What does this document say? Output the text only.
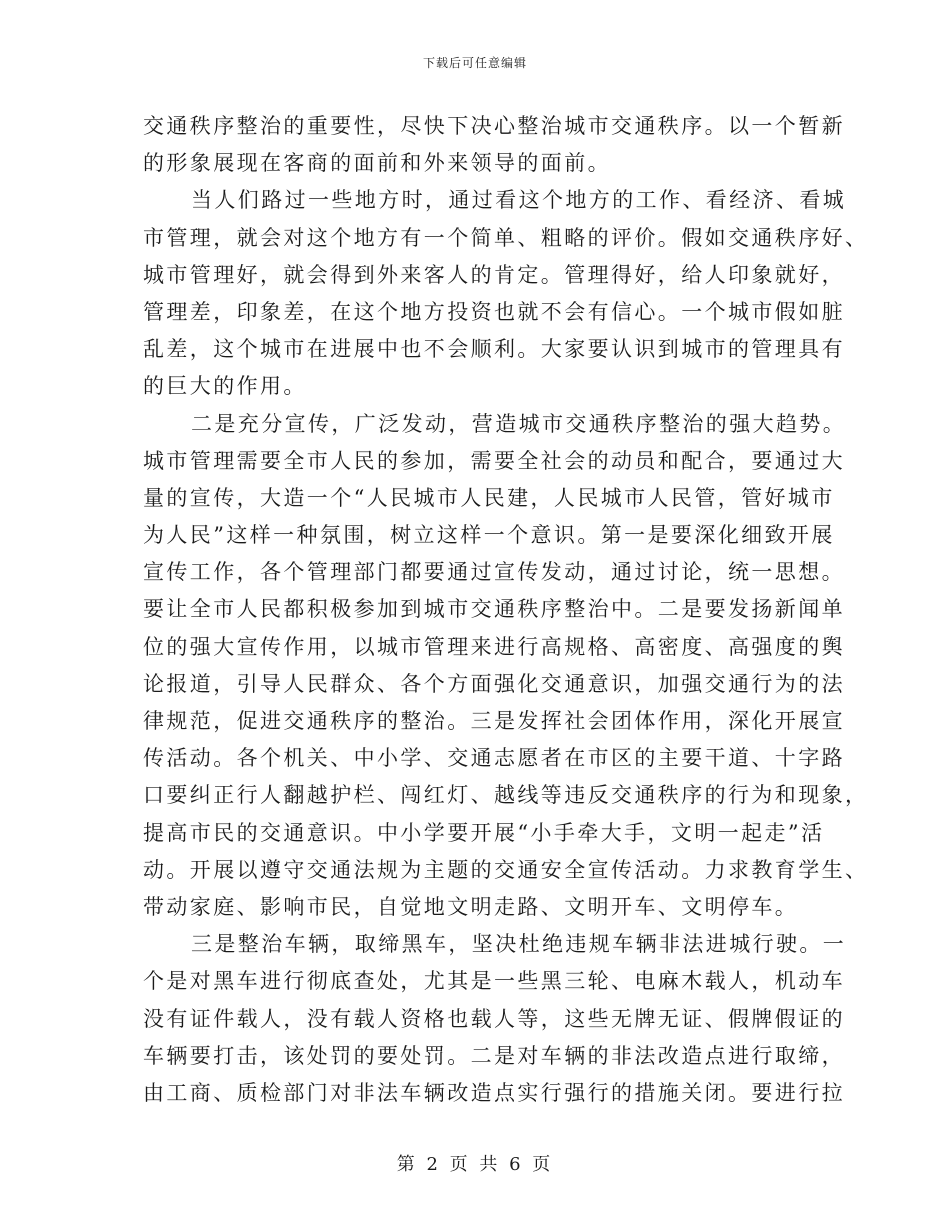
下载后可任意编辑
交通秩序整治的重要性，尽快下决心整治城市交通秩序。以一个暂新
的形象展现在客商的面前和外来领导的面前。
当人们路过一些地方时，通过看这个地方的工作、看经济、看城
市管理，就会对这个地方有一个简单、粗略的评价。假如交通秩序好、
城市管理好，就会得到外来客人的肯定。管理得好，给人印象就好，
管理差，印象差，在这个地方投资也就不会有信心。一个城市假如脏
乱差，这个城市在进展中也不会顺利。大家要认识到城市的管理具有
的巨大的作用。
二是充分宣传，广泛发动，营造城市交通秩序整治的强大趋势。
城市管理需要全市人民的参加，需要全社会的动员和配合，要通过大
量的宣传，大造一个“人民城市人民建，人民城市人民管，管好城市
为人民”这样一种氛围，树立这样一个意识。第一是要深化细致开展
宣传工作，各个管理部门都要通过宣传发动，通过讨论，统一思想。
要让全市人民都积极参加到城市交通秩序整治中。二是要发扬新闻单
位的强大宣传作用，以城市管理来进行高规格、高密度、高强度的舆
论报道，引导人民群众、各个方面强化交通意识，加强交通行为的法
律规范，促进交通秩序的整治。三是发挥社会团体作用，深化开展宣
传活动。各个机关、中小学、交通志愿者在市区的主要干道、十字路
口要纠正行人翻越护栏、闯红灯、越线等违反交通秩序的行为和现象，
提高市民的交通意识。中小学要开展“小手牵大手，文明一起走”活
动。开展以遵守交通法规为主题的交通安全宣传活动。力求教育学生、
带动家庭、影响市民，自觉地文明走路、文明开车、文明停车。
三是整治车辆，取缔黑车，坚决杜绝违规车辆非法进城行驶。一
个是对黑车进行彻底查处，尤其是一些黑三轮、电麻木载人，机动车
没有证件载人，没有载人资格也载人等，这些无牌无证、假牌假证的
车辆要打击，该处罚的要处罚。二是对车辆的非法改造点进行取缔，
由工商、质检部门对非法车辆改造点实行强行的措施关闭。要进行拉
第 2 页 共 6 页
